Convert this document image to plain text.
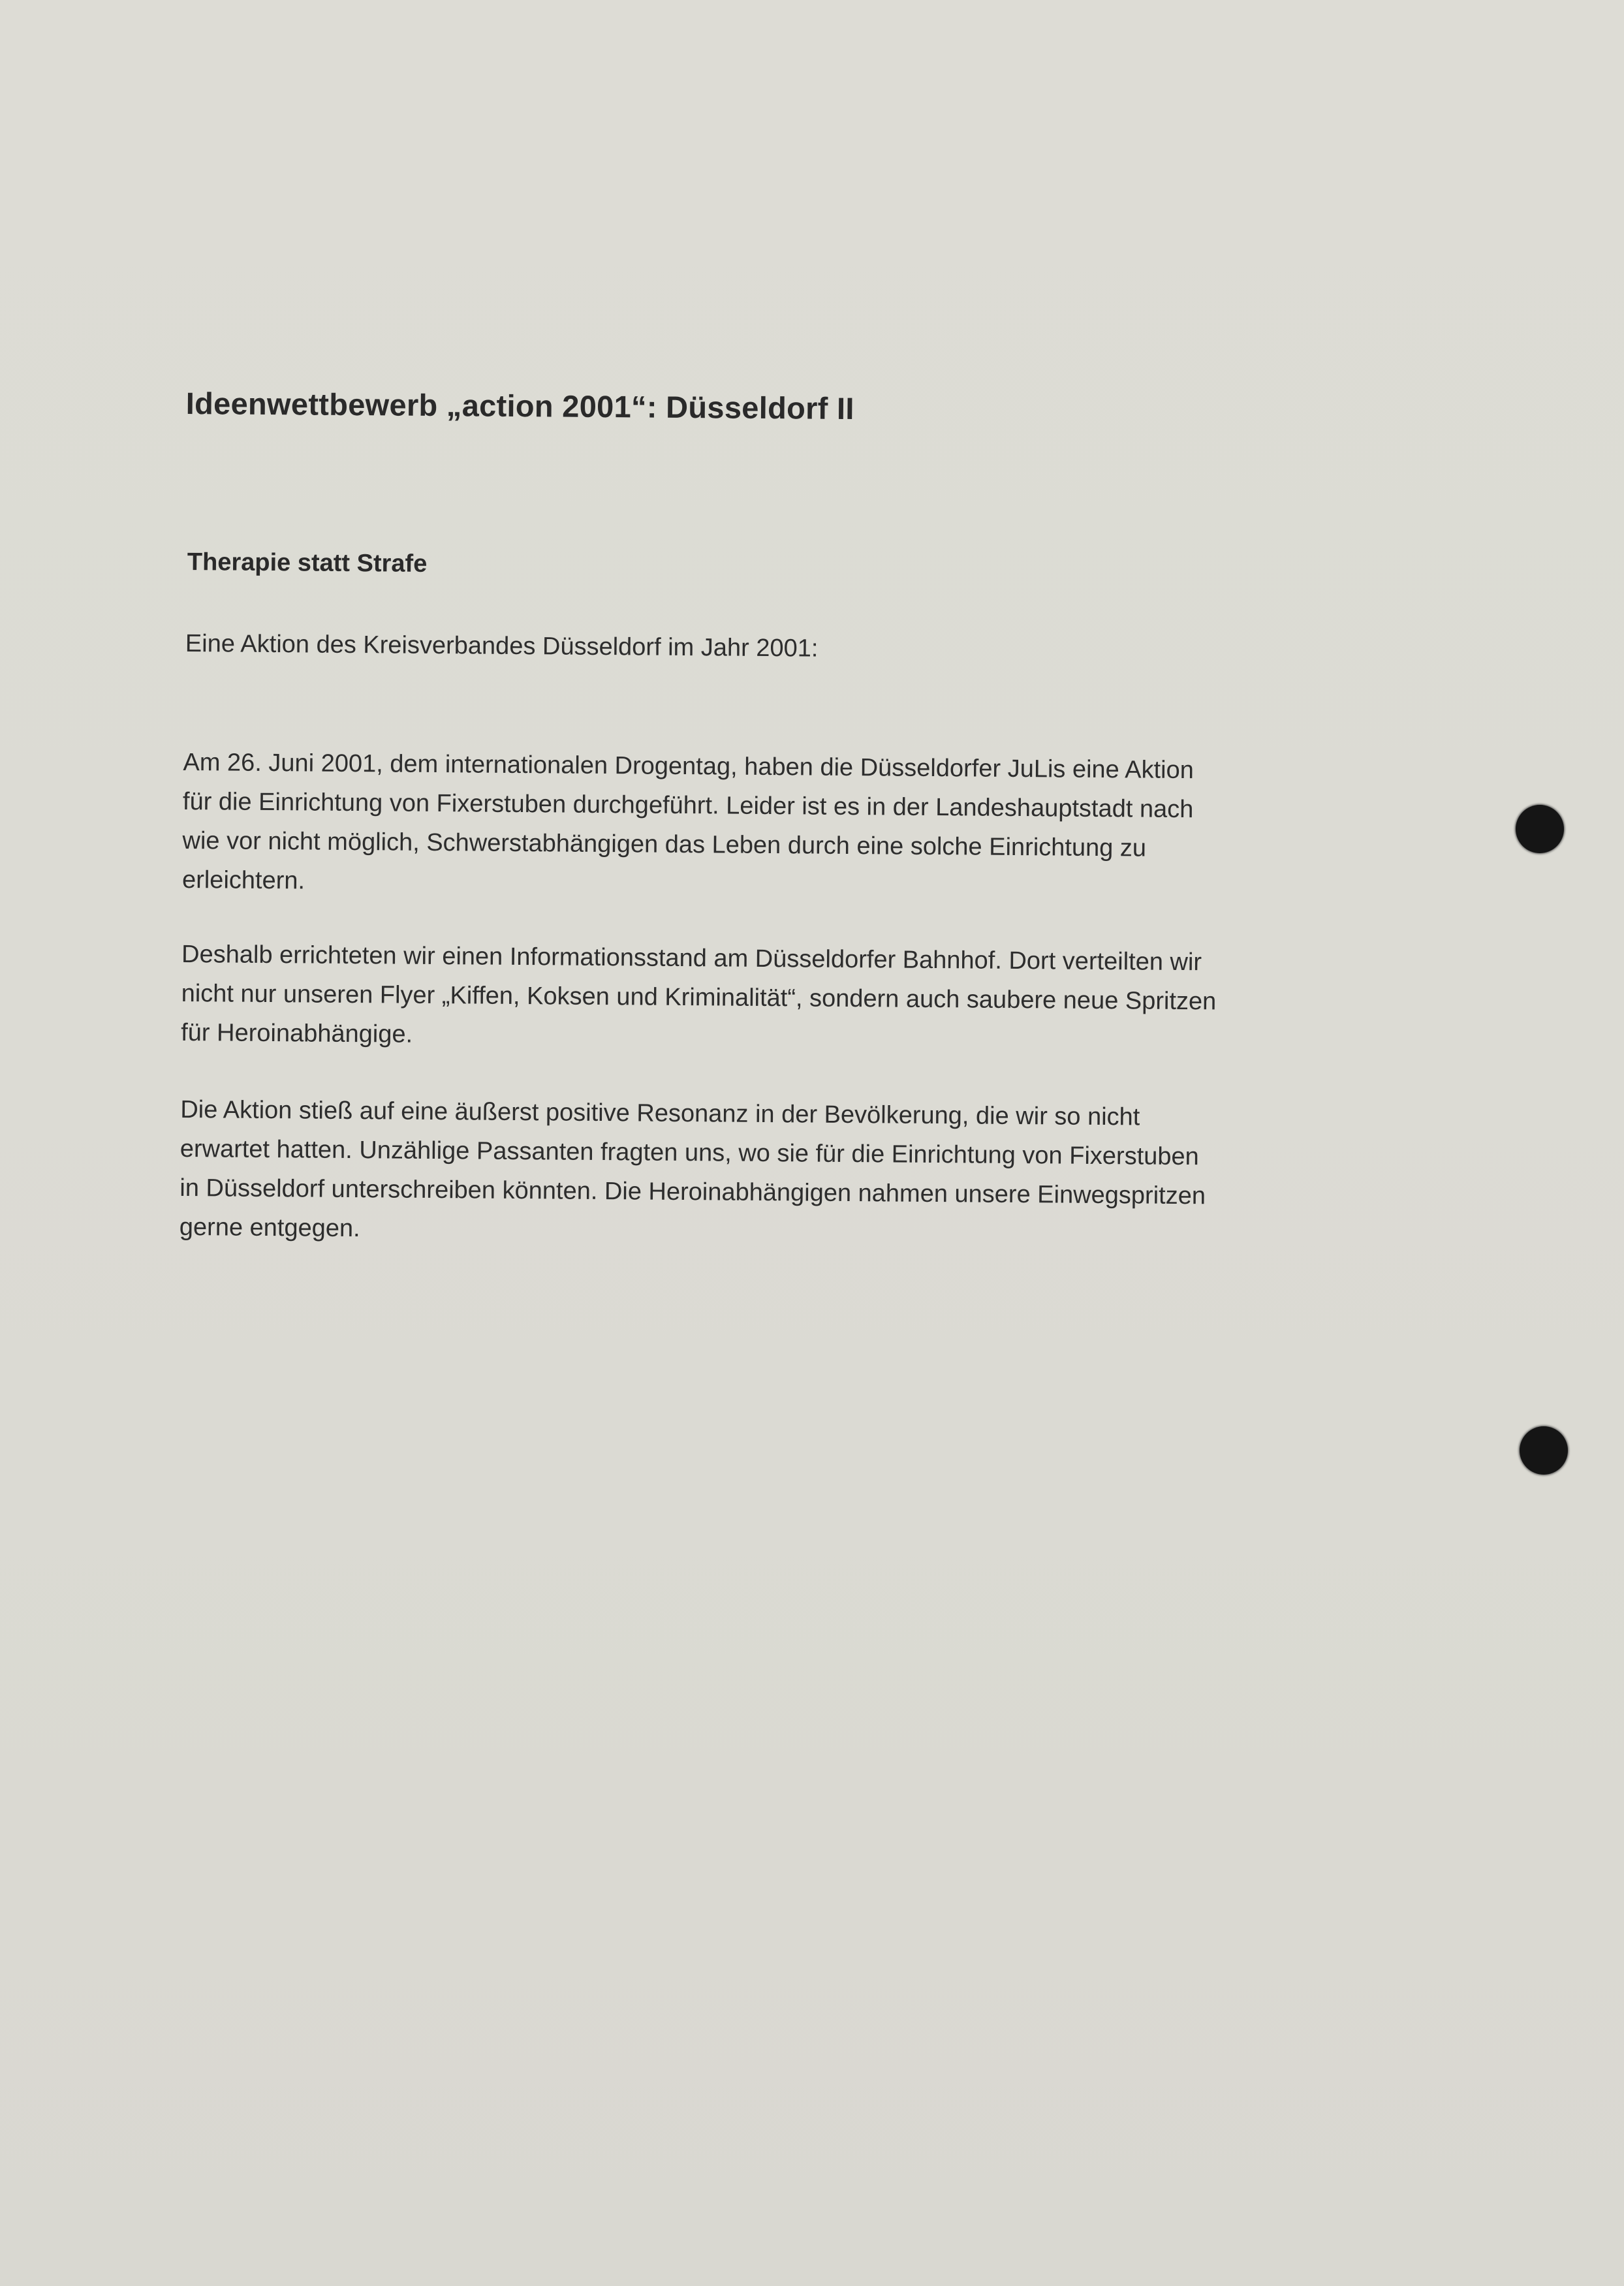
Ideenwettbewerb „action 2001“: Düsseldorf II
Therapie statt Strafe

Eine Aktion des Kreisverbandes Düsseldorf im Jahr 2001:

Am 26. Juni 2001, dem internationalen Drogentag, haben die Düsseldorfer JuLis eine Aktion für die Einrichtung von Fixerstuben durchgeführt. Leider ist es in der Landeshauptstadt nach wie vor nicht möglich, Schwerstabhängigen das Leben durch eine solche Einrichtung zu erleichtern.

Deshalb errichteten wir einen Informationsstand am Düsseldorfer Bahnhof. Dort verteilten wir nicht nur unseren Flyer „Kiffen, Koksen und Kriminalität“, sondern auch saubere neue Spritzen für Heroinabhängige.

Die Aktion stieß auf eine äußerst positive Resonanz in der Bevölkerung, die wir so nicht erwartet hatten. Unzählige Passanten fragten uns, wo sie für die Einrichtung von Fixerstuben in Düsseldorf unterschreiben könnten. Die Heroinabhängigen nahmen unsere Einwegspritzen gerne entgegen.
